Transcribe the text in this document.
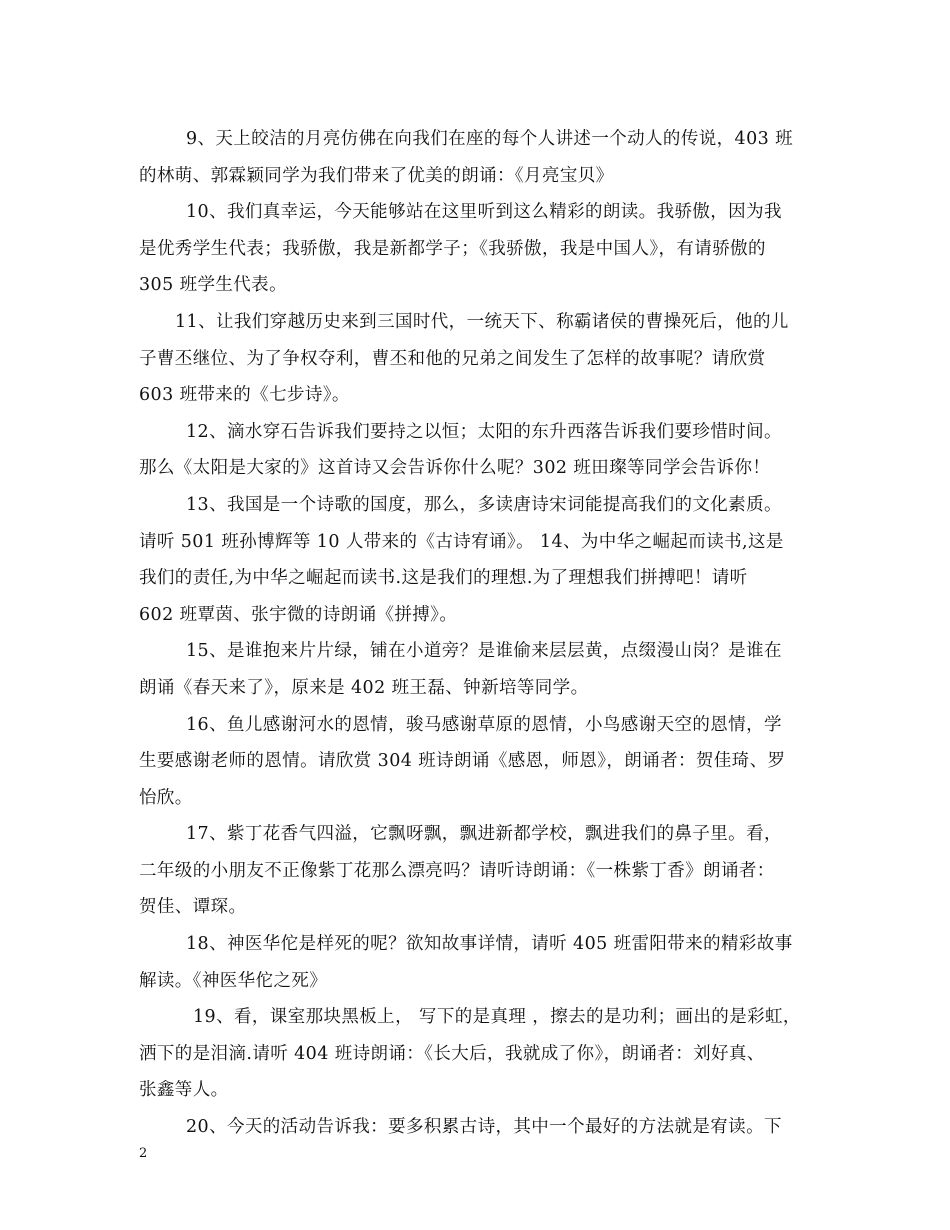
9、天上皎洁的月亮仿佛在向我们在座的每个人讲述一个动人的传说，403 班
的林萌、郭霖颖同学为我们带来了优美的朗诵：《月亮宝贝》
10、我们真幸运，今天能够站在这里听到这么精彩的朗读。我骄傲，因为我
是优秀学生代表；我骄傲，我是新都学子；《我骄傲，我是中国人》，有请骄傲的
305 班学生代表。
11、让我们穿越历史来到三国时代，一统天下、称霸诸侯的曹操死后，他的儿
子曹丕继位、为了争权夺利，曹丕和他的兄弟之间发生了怎样的故事呢？请欣赏
603 班带来的《七步诗》。
12、滴水穿石告诉我们要持之以恒；太阳的东升西落告诉我们要珍惜时间。
那么《太阳是大家的》这首诗又会告诉你什么呢？302 班田璨等同学会告诉你！
13、我国是一个诗歌的国度，那么，多读唐诗宋词能提高我们的文化素质。
请听 501 班孙博辉等 10 人带来的《古诗宥诵》。 14、为中华之崛起而读书,这是
我们的责任,为中华之崛起而读书.这是我们的理想.为了理想我们拼搏吧！请听
602 班覃茵、张宇微的诗朗诵《拼搏》。
15、是谁抱来片片绿，铺在小道旁？是谁偷来层层黄，点缀漫山岗？是谁在
朗诵《春天来了》，原来是 402 班王磊、钟新培等同学。
16、鱼儿感谢河水的恩情，骏马感谢草原的恩情，小鸟感谢天空的恩情，学
生要感谢老师的恩情。请欣赏 304 班诗朗诵《感恩，师恩》，朗诵者：贺佳琦、罗
怡欣。
17、紫丁花香气四溢，它飘呀飘，飘进新都学校，飘进我们的鼻子里。看，
二年级的小朋友不正像紫丁花那么漂亮吗？请听诗朗诵：《一株紫丁香》朗诵者：
贺佳、谭琛。
18、神医华佗是样死的呢？欲知故事详情，请听 405 班雷阳带来的精彩故事
解读。《神医华佗之死》
19、看，课室那块黑板上， 写下的是真理 ，擦去的是功利；画出的是彩虹，
洒下的是泪滴.请听 404 班诗朗诵：《长大后，我就成了你》，朗诵者：刘好真、
张鑫等人。
20、今天的活动告诉我：要多积累古诗，其中一个最好的方法就是宥读。下
2
